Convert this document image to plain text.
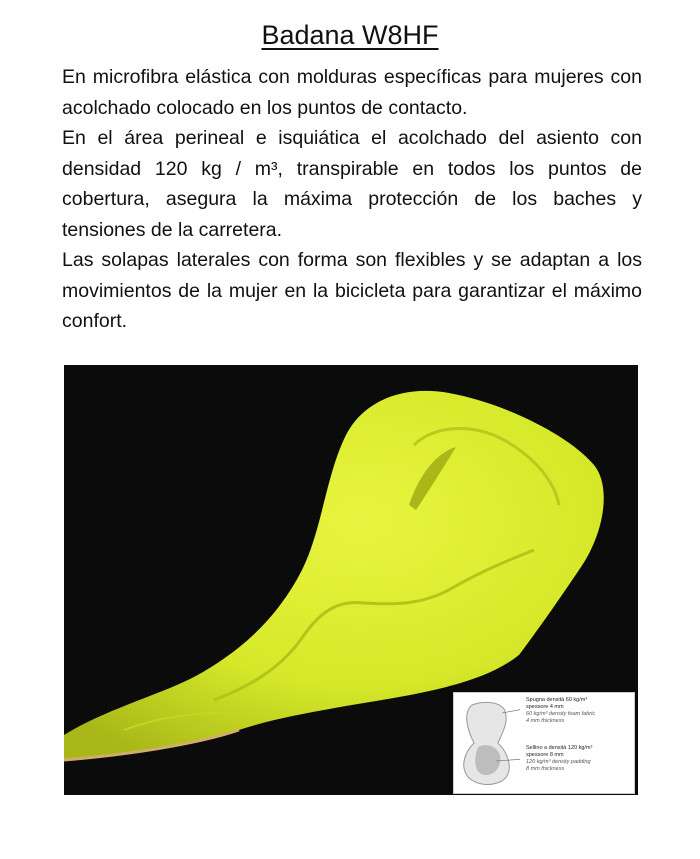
Badana W8HF

En microfibra elástica con molduras específicas para mujeres con acolchado colocado en los puntos de contacto.

En el área perineal e isquiática el acolchado del asiento con densidad 120 kg / m³, transpirable en todos los puntos de cobertura, asegura la máxima protección de los baches y tensiones de la carretera.

Las solapas laterales con forma son flexibles y se adaptan a los movimientos de la mujer en la bicicleta para garantizar el máximo confort.

Spugna densità 60 kg/m³
spessore 4 mm
60 kg/m³ density foam fabric
4 mm thickness
Sellino a densità 120 kg/m³
spessore 8 mm
120 kg/m³ density padding
8 mm thickness
